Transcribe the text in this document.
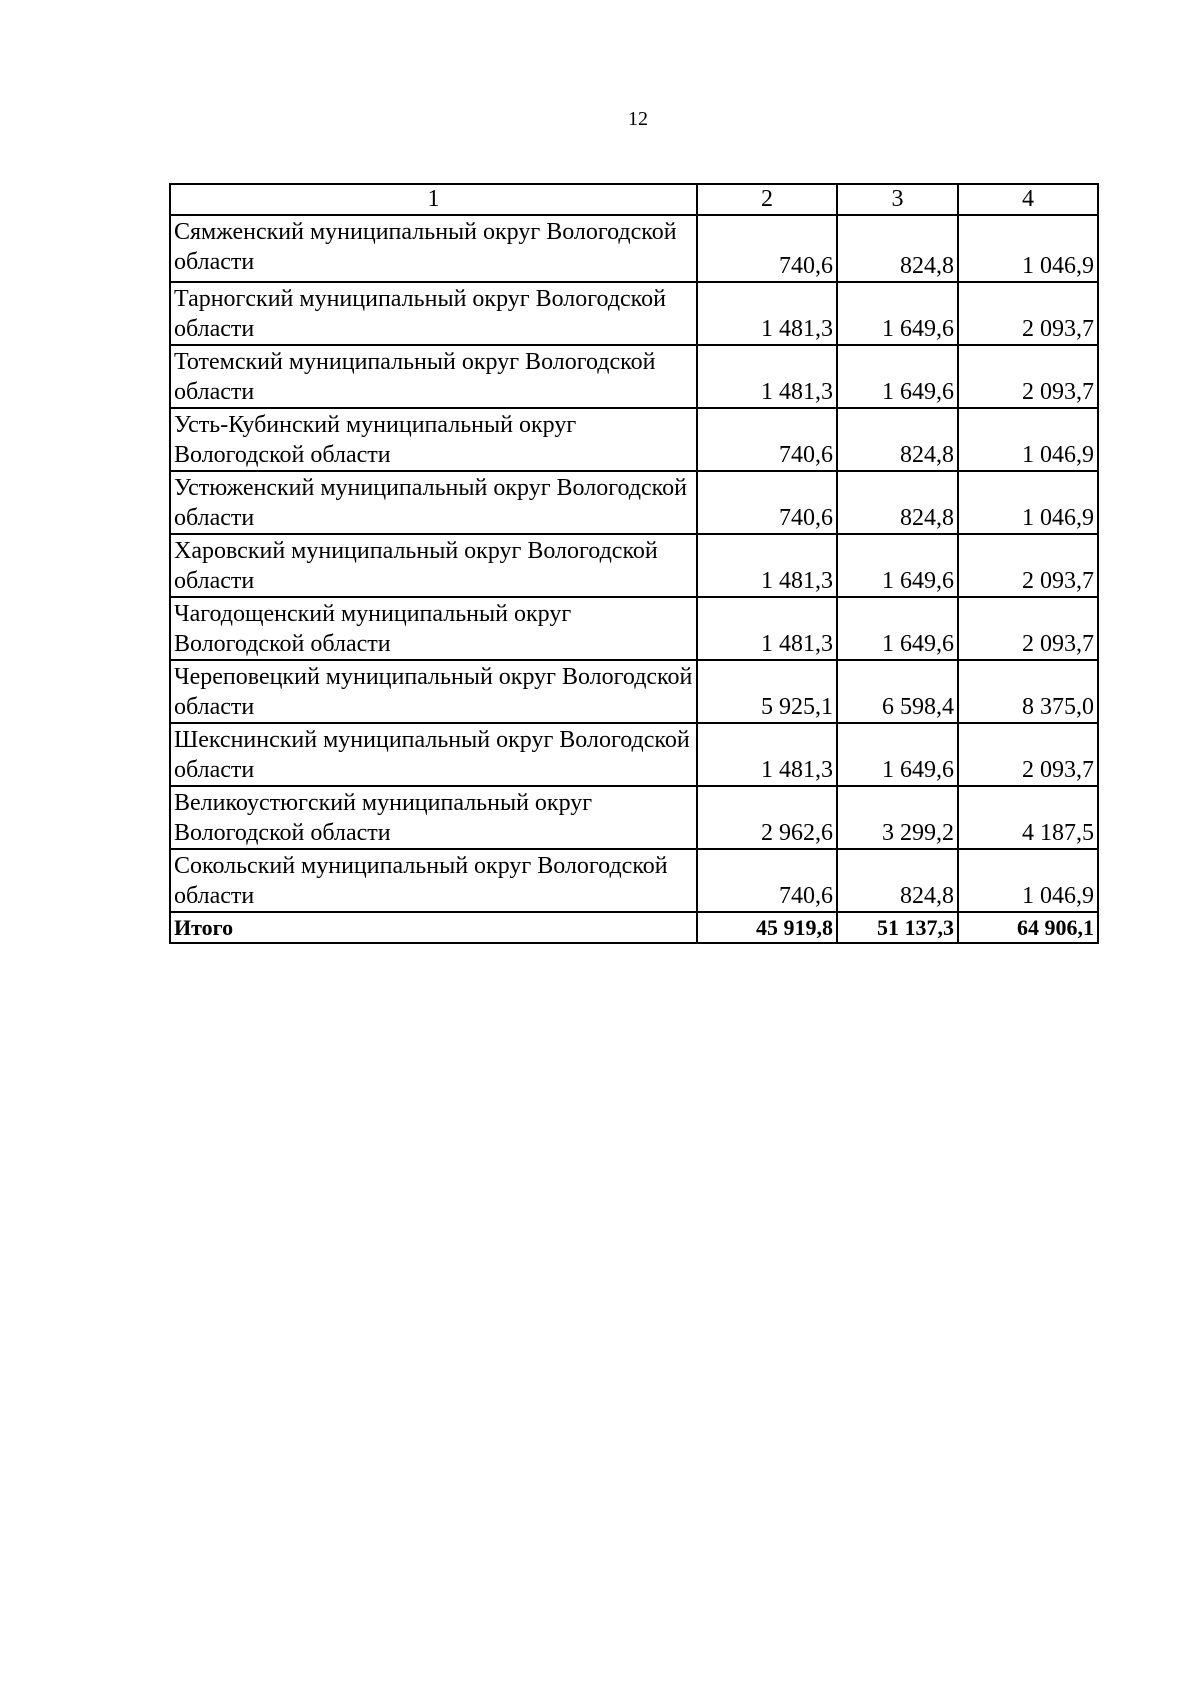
12
1	2	3	4
Сямженский муниципальный округ Вологодской области	740,6	824,8	1 046,9
Тарногский муниципальный округ Вологодской области	1 481,3	1 649,6	2 093,7
Тотемский муниципальный округ Вологодской области	1 481,3	1 649,6	2 093,7
Усть-Кубинский муниципальный округ Вологодской области	740,6	824,8	1 046,9
Устюженский муниципальный округ Вологодской области	740,6	824,8	1 046,9
Харовский муниципальный округ Вологодской области	1 481,3	1 649,6	2 093,7
Чагодощенский муниципальный округ Вологодской области	1 481,3	1 649,6	2 093,7
Череповецкий муниципальный округ Вологодской области	5 925,1	6 598,4	8 375,0
Шекснинский муниципальный округ Вологодской области	1 481,3	1 649,6	2 093,7
Великоустюгский муниципальный округ Вологодской области	2 962,6	3 299,2	4 187,5
Сокольский муниципальный округ Вологодской области	740,6	824,8	1 046,9
Итого	45 919,8	51 137,3	64 906,1
